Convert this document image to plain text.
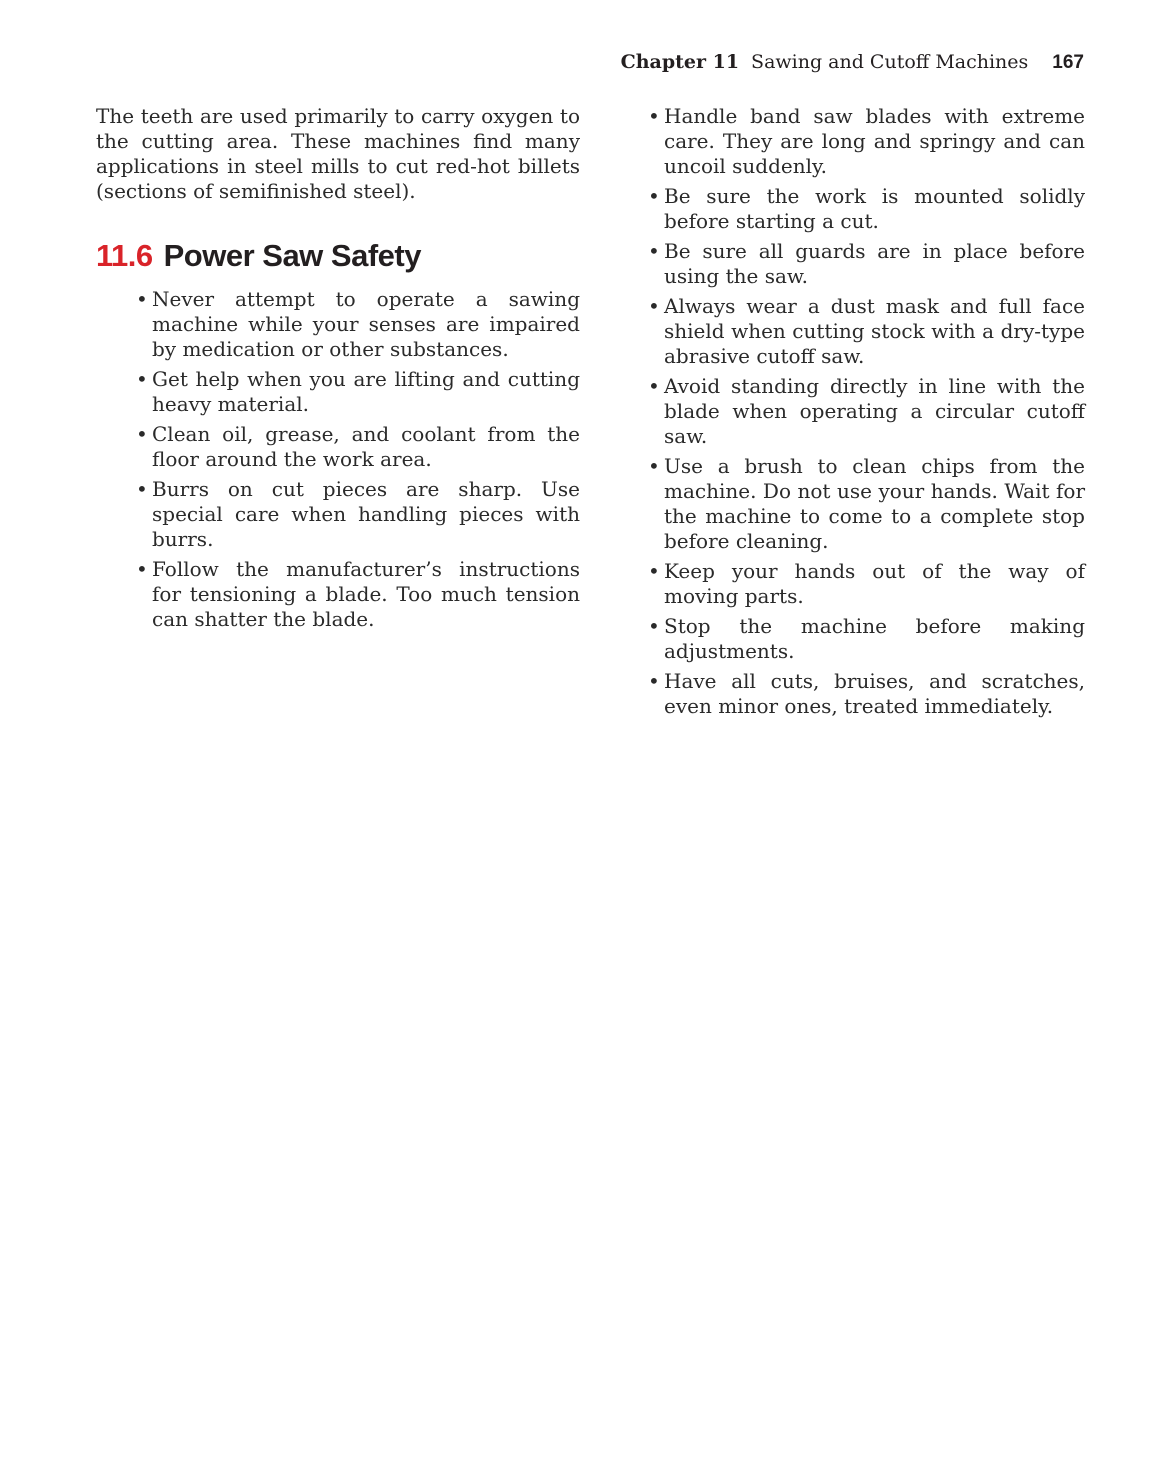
Chapter 11 Sawing and Cutoff Machines 167

The teeth are used primarily to carry oxygen to the cutting area. These machines find many applications in steel mills to cut red-hot billets (sections of semifinished steel).

11.6 Power Saw Safety
• Never attempt to operate a sawing machine while your senses are impaired by medication or other substances.
• Get help when you are lifting and cutting heavy material.
• Clean oil, grease, and coolant from the floor around the work area.
• Burrs on cut pieces are sharp. Use special care when handling pieces with burrs.
• Follow the manufacturer’s instructions for tensioning a blade. Too much tension can shatter the blade.
• Handle band saw blades with extreme care. They are long and springy and can uncoil suddenly.
• Be sure the work is mounted solidly before starting a cut.
• Be sure all guards are in place before using the saw.
• Always wear a dust mask and full face shield when cutting stock with a dry-type abrasive cutoff saw.
• Avoid standing directly in line with the blade when operating a circular cutoff saw.
• Use a brush to clean chips from the machine. Do not use your hands. Wait for the machine to come to a complete stop before cleaning.
• Keep your hands out of the way of moving parts.
• Stop the machine before making adjustments.
• Have all cuts, bruises, and scratches, even minor ones, treated immediately.
